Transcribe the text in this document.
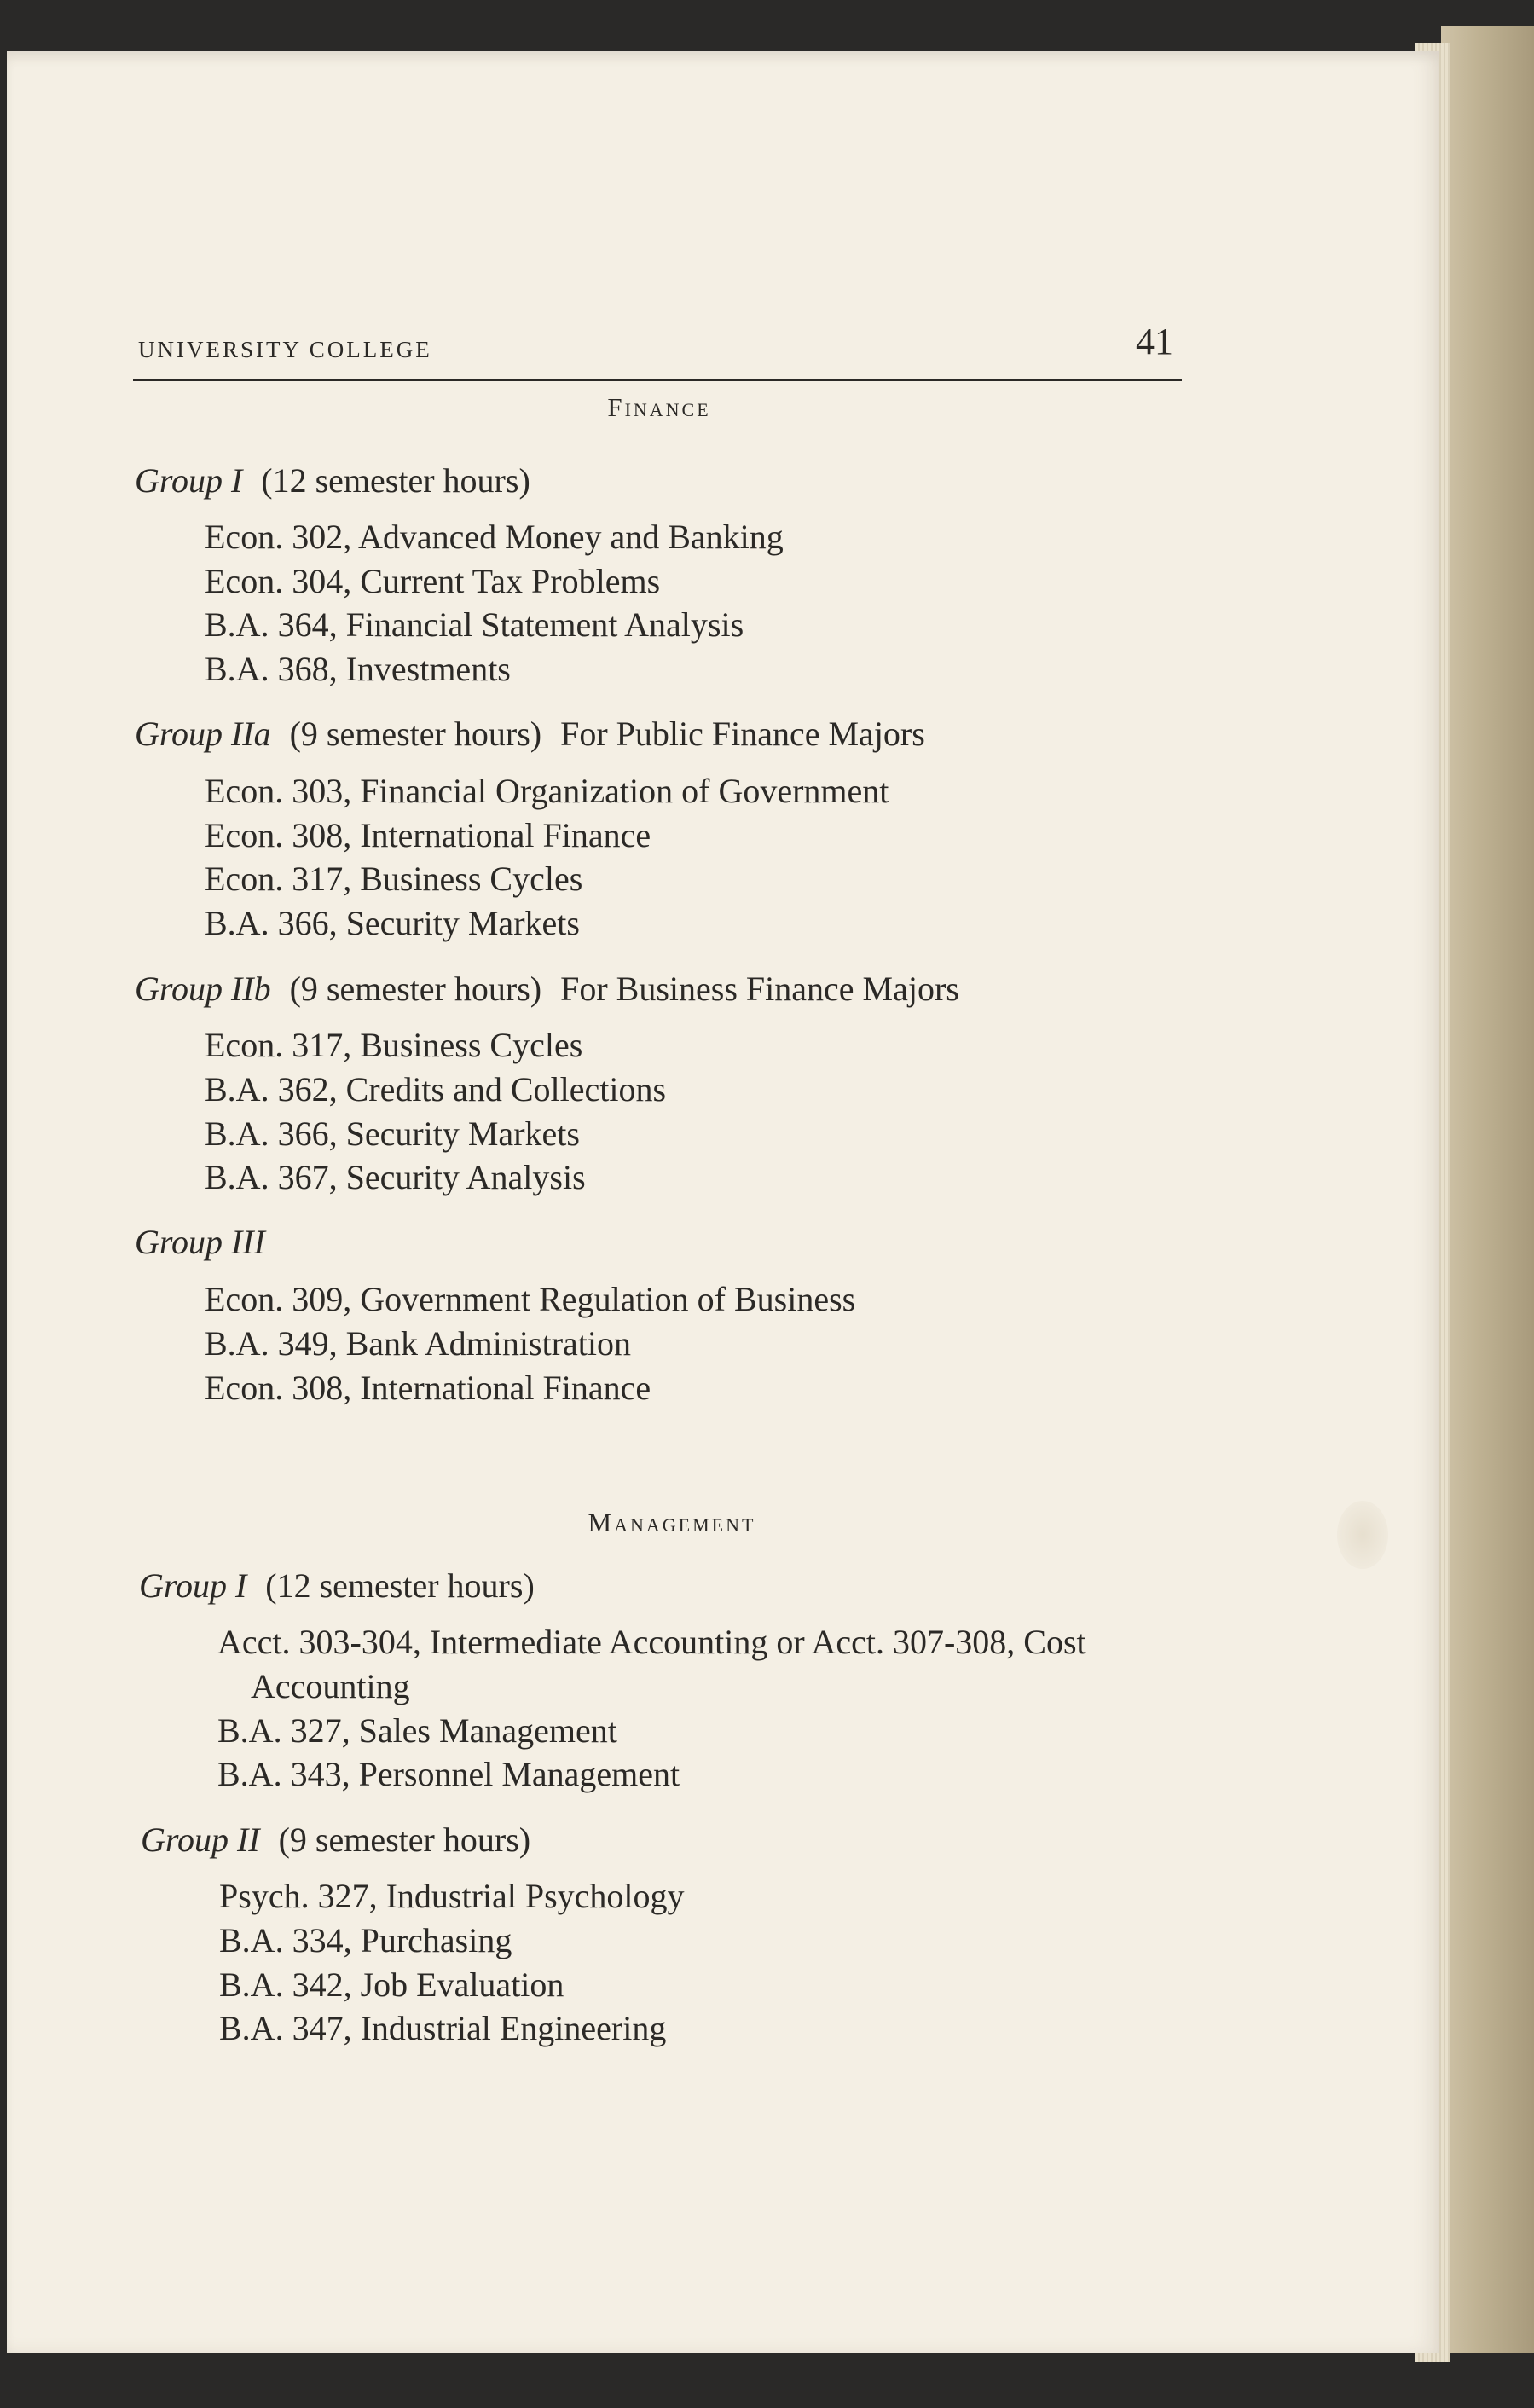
UNIVERSITY COLLEGE	41
Finance
Group I (12 semester hours)
Econ. 302, Advanced Money and Banking
Econ. 304, Current Tax Problems
B.A. 364, Financial Statement Analysis
B.A. 368, Investments
Group IIa (9 semester hours) For Public Finance Majors
Econ. 303, Financial Organization of Government
Econ. 308, International Finance
Econ. 317, Business Cycles
B.A. 366, Security Markets
Group IIb (9 semester hours) For Business Finance Majors
Econ. 317, Business Cycles
B.A. 362, Credits and Collections
B.A. 366, Security Markets
B.A. 367, Security Analysis
Group III
Econ. 309, Government Regulation of Business
B.A. 349, Bank Administration
Econ. 308, International Finance
Management
Group I (12 semester hours)
Acct. 303-304, Intermediate Accounting or Acct. 307-308, Cost
Accounting
B.A. 327, Sales Management
B.A. 343, Personnel Management
Group II (9 semester hours)
Psych. 327, Industrial Psychology
B.A. 334, Purchasing
B.A. 342, Job Evaluation
B.A. 347, Industrial Engineering
